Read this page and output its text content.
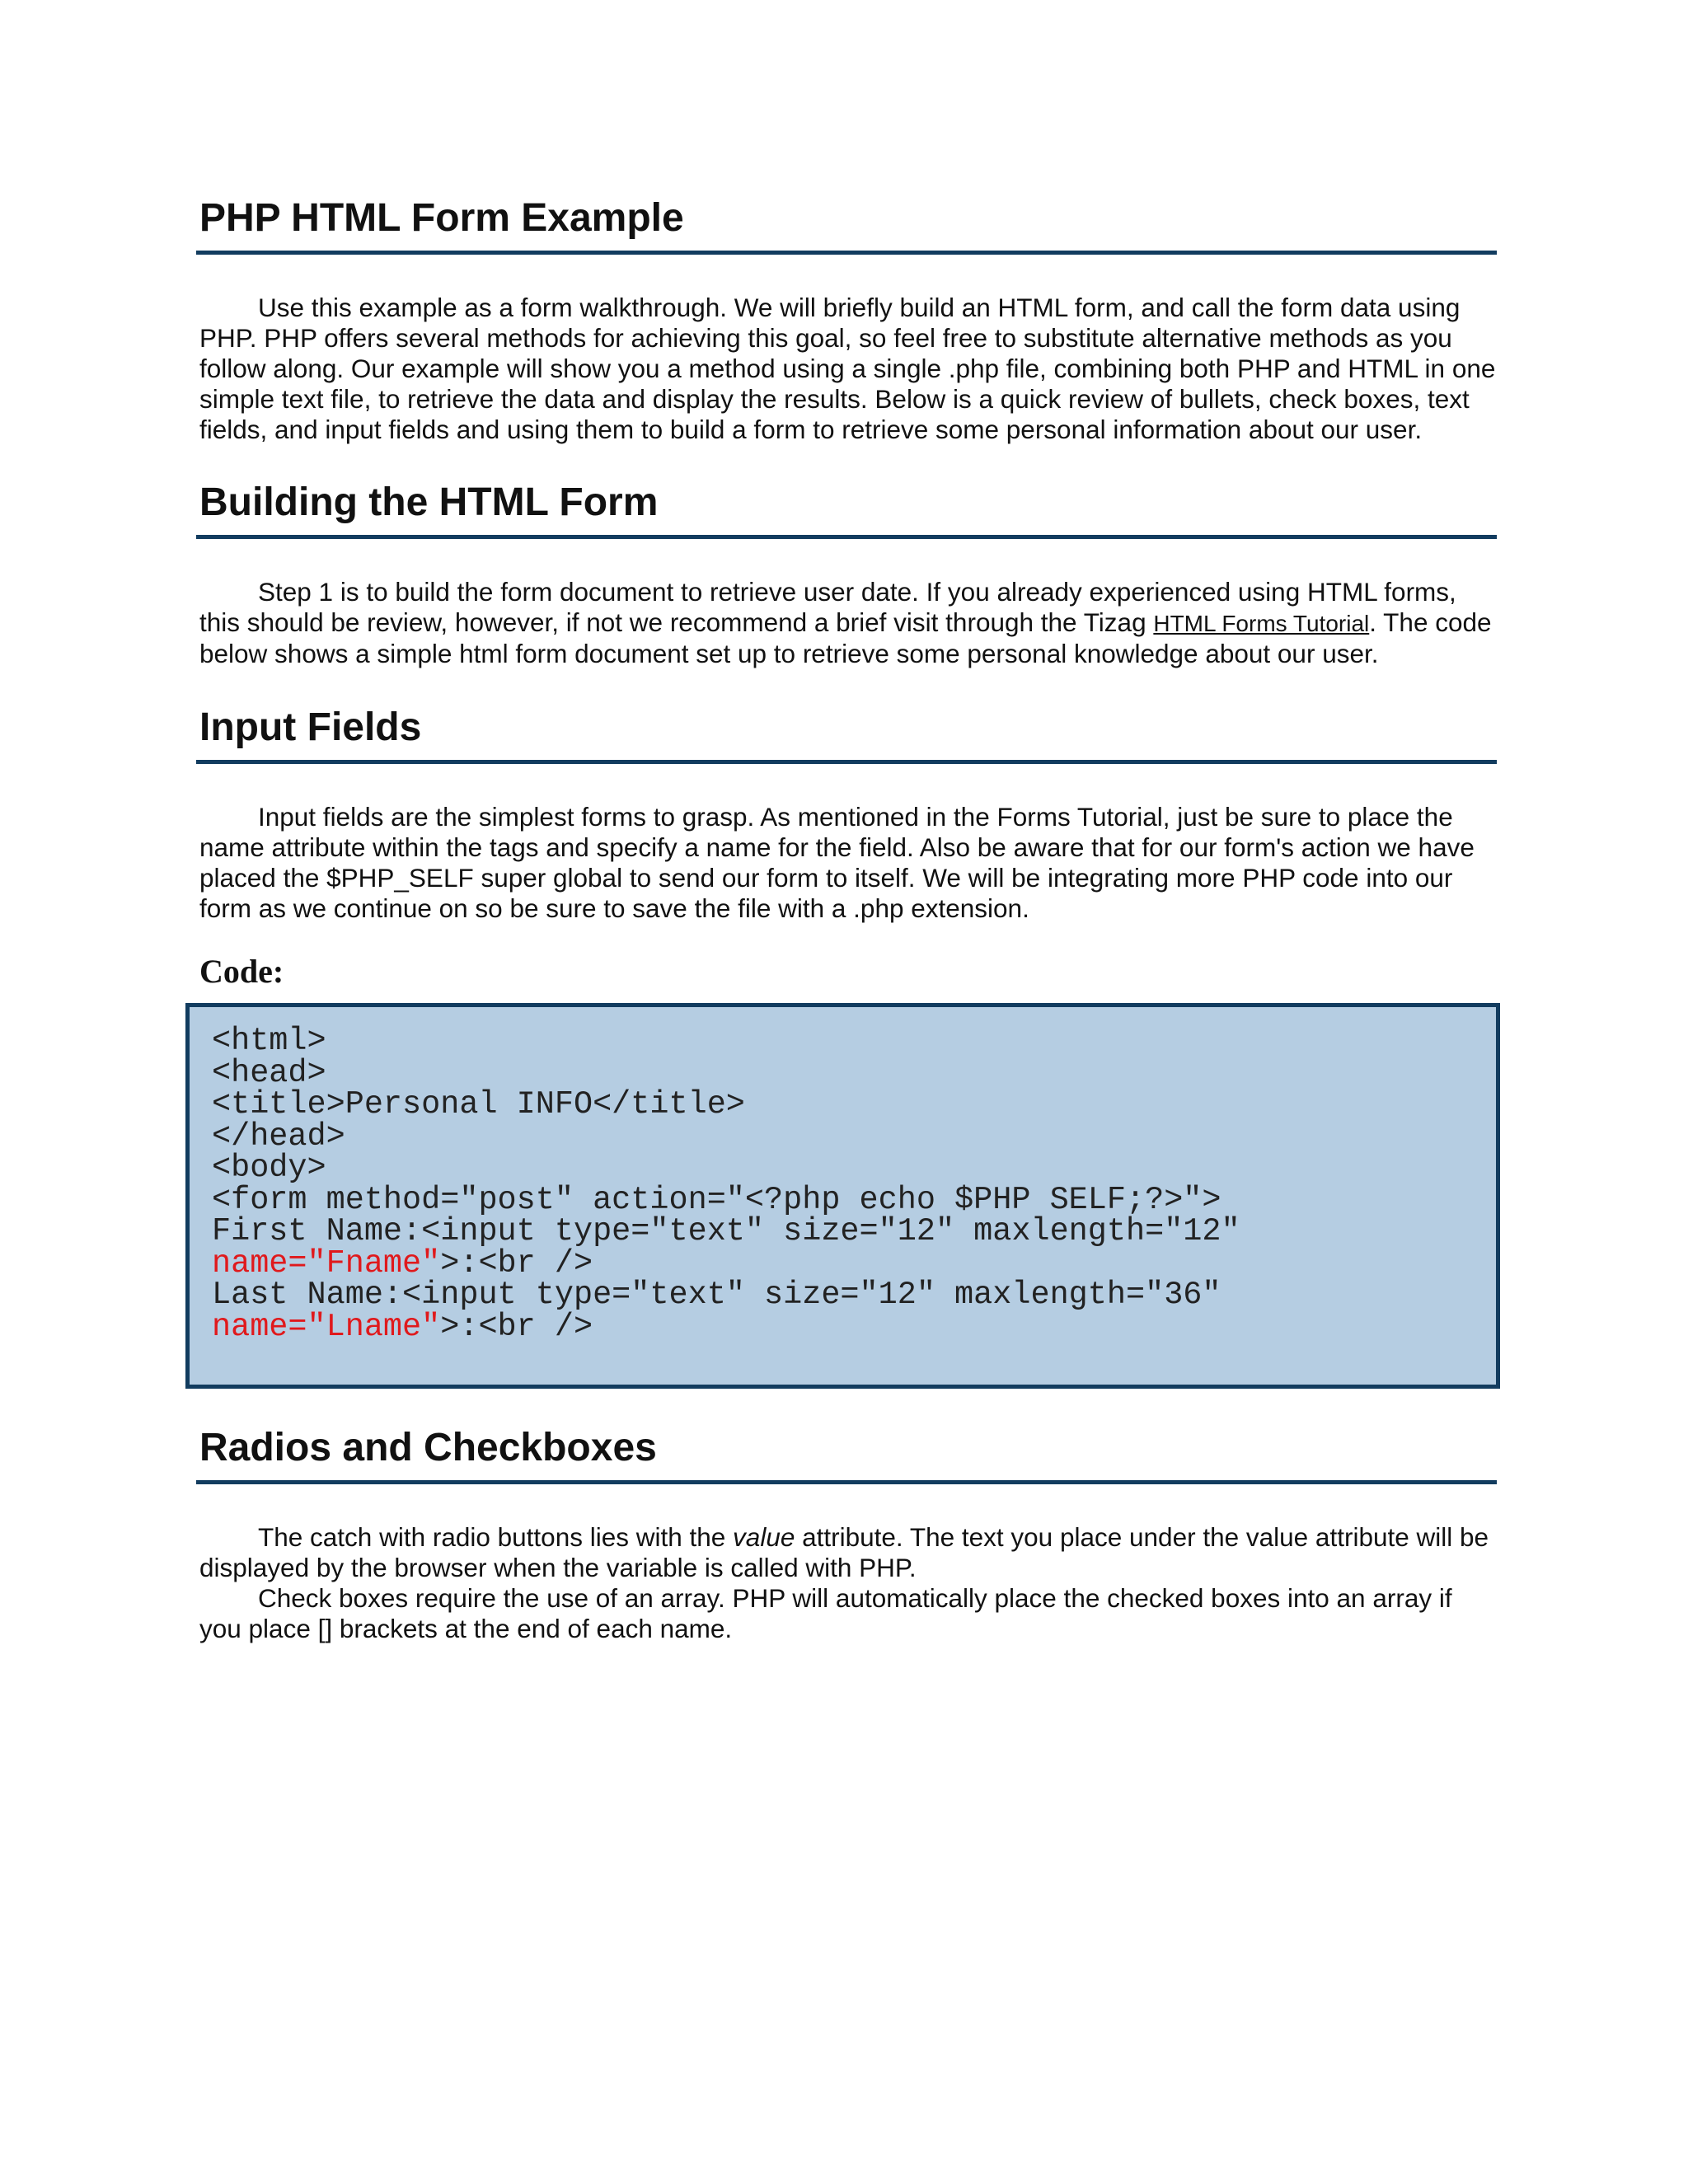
PHP HTML Form Example

Use this example as a form walkthrough. We will briefly build an HTML form, and call the form data using PHP. PHP offers several methods for achieving this goal, so feel free to substitute alternative methods as you follow along. Our example will show you a method using a single .php file, combining both PHP and HTML in one simple text file, to retrieve the data and display the results. Below is a quick review of bullets, check boxes, text fields, and input fields and using them to build a form to retrieve some personal information about our user.

Building the HTML Form

Step 1 is to build the form document to retrieve user date. If you already experienced using HTML forms, this should be review, however, if not we recommend a brief visit through the Tizag HTML Forms Tutorial. The code below shows a simple html form document set up to retrieve some personal knowledge about our user.

Input Fields

Input fields are the simplest forms to grasp. As mentioned in the Forms Tutorial, just be sure to place the name attribute within the tags and specify a name for the field. Also be aware that for our form's action we have placed the $PHP_SELF super global to send our form to itself. We will be integrating more PHP code into our form as we continue on so be sure to save the file with a .php extension.

Code:
<html>
<head>
<title>Personal INFO</title>
</head>
<body>
<form method="post" action="<?php echo $PHP SELF;?>">
First Name:<input type="text" size="12" maxlength="12"
name="Fname">:<br />
Last Name:<input type="text" size="12" maxlength="36"
name="Lname">:<br />
Radios and Checkboxes

The catch with radio buttons lies with the value attribute. The text you place under the value attribute will be displayed by the browser when the variable is called with PHP.

Check boxes require the use of an array. PHP will automatically place the checked boxes into an array if you place [] brackets at the end of each name.
